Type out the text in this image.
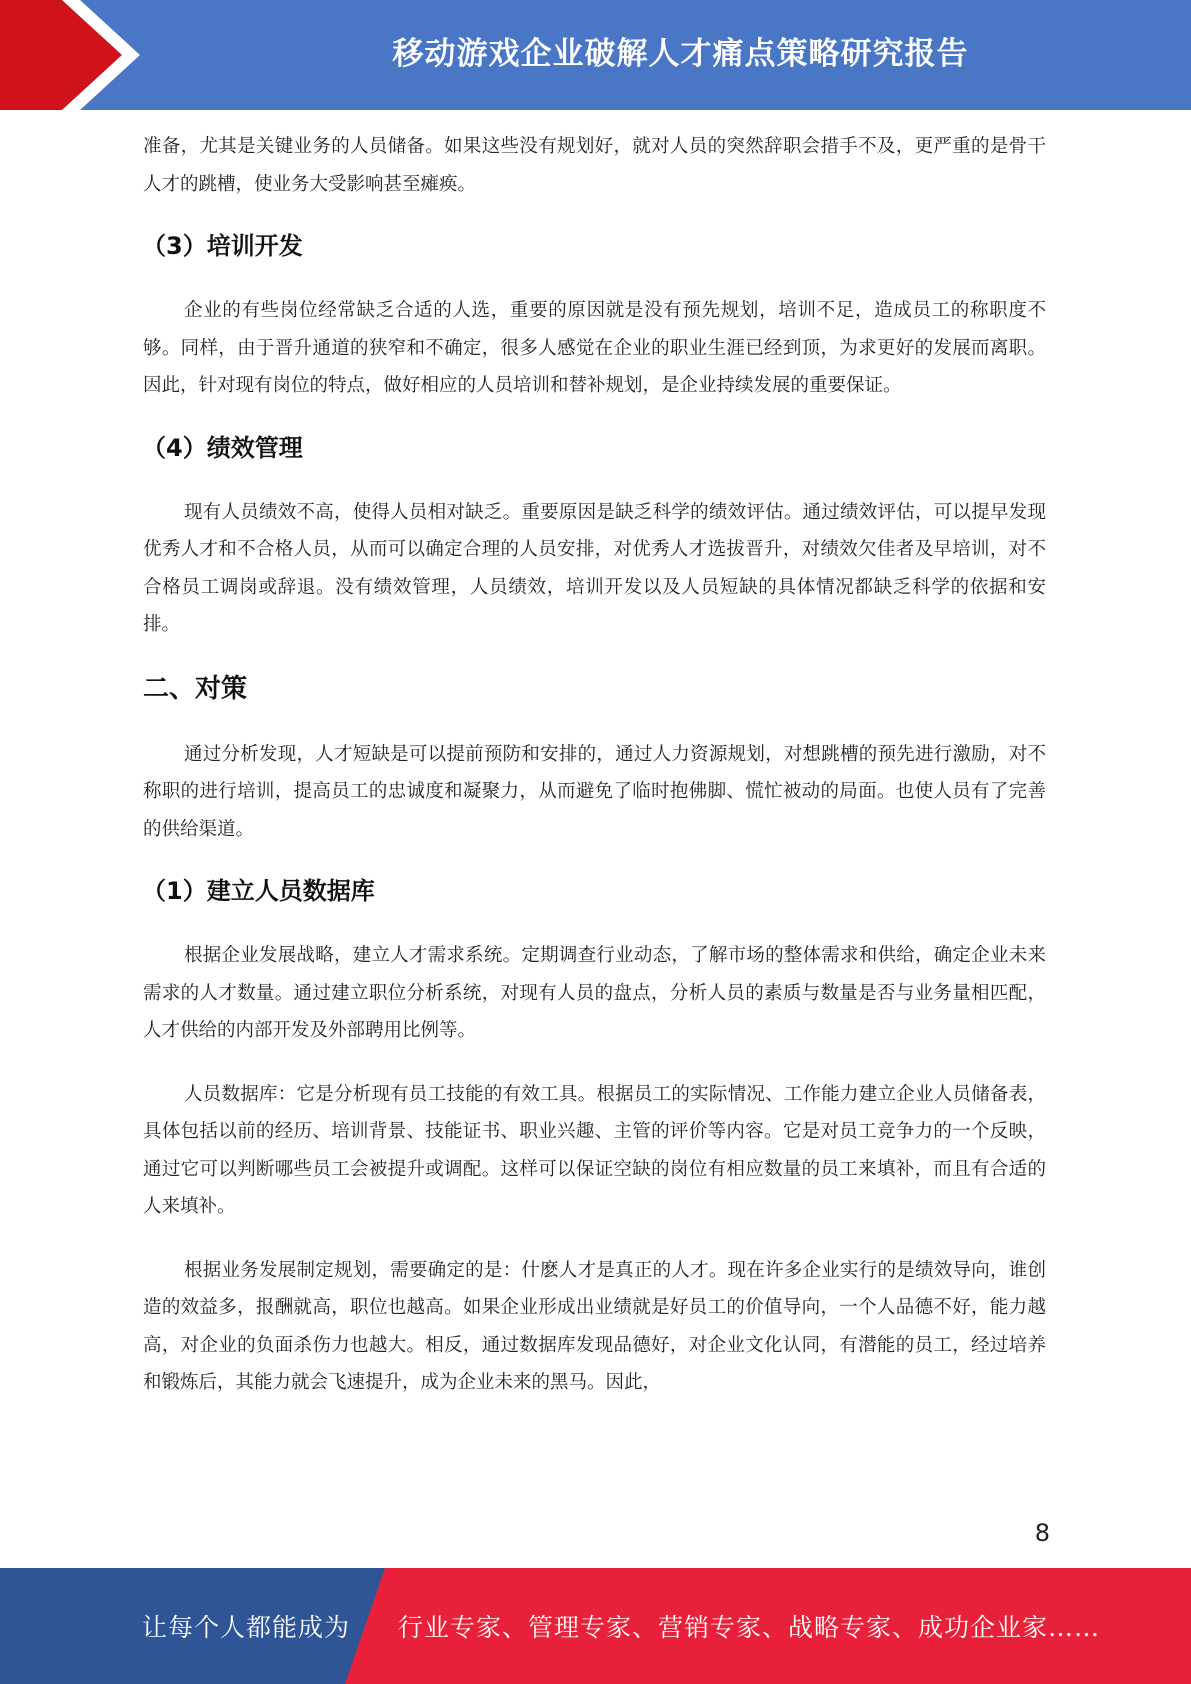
移动游戏企业破解人才痛点策略研究报告

准备，尤其是关键业务的人员储备。如果这些没有规划好，就对人员的突然辞职会措手不及，更严重的是骨干人才的跳槽，使业务大受影响甚至瘫痪。

（3）培训开发

企业的有些岗位经常缺乏合适的人选，重要的原因就是没有预先规划，培训不足，造成员工的称职度不够。同样，由于晋升通道的狭窄和不确定，很多人感觉在企业的职业生涯已经到顶，为求更好的发展而离职。因此，针对现有岗位的特点，做好相应的人员培训和替补规划，是企业持续发展的重要保证。

（4）绩效管理

现有人员绩效不高，使得人员相对缺乏。重要原因是缺乏科学的绩效评估。通过绩效评估，可以提早发现优秀人才和不合格人员，从而可以确定合理的人员安排，对优秀人才选拔晋升，对绩效欠佳者及早培训，对不合格员工调岗或辞退。没有绩效管理，人员绩效，培训开发以及人员短缺的具体情况都缺乏科学的依据和安排。

二、对策

通过分析发现，人才短缺是可以提前预防和安排的，通过人力资源规划，对想跳槽的预先进行激励，对不称职的进行培训，提高员工的忠诚度和凝聚力，从而避免了临时抱佛脚、慌忙被动的局面。也使人员有了完善的供给渠道。

（1）建立人员数据库

根据企业发展战略，建立人才需求系统。定期调查行业动态，了解市场的整体需求和供给，确定企业未来需求的人才数量。通过建立职位分析系统，对现有人员的盘点，分析人员的素质与数量是否与业务量相匹配，人才供给的内部开发及外部聘用比例等。

人员数据库：它是分析现有员工技能的有效工具。根据员工的实际情况、工作能力建立企业人员储备表，具体包括以前的经历、培训背景、技能证书、职业兴趣、主管的评价等内容。它是对员工竞争力的一个反映，通过它可以判断哪些员工会被提升或调配。这样可以保证空缺的岗位有相应数量的员工来填补，而且有合适的人来填补。

根据业务发展制定规划，需要确定的是：什麽人才是真正的人才。现在许多企业实行的是绩效导向，谁创造的效益多，报酬就高，职位也越高。如果企业形成出业绩就是好员工的价值导向，一个人品德不好，能力越高，对企业的负面杀伤力也越大。相反，通过数据库发现品德好，对企业文化认同，有潜能的员工，经过培养和锻炼后，其能力就会飞速提升，成为企业未来的黑马。因此，

8
让每个人都能成为 行业专家、管理专家、营销专家、战略专家、成功企业家……
